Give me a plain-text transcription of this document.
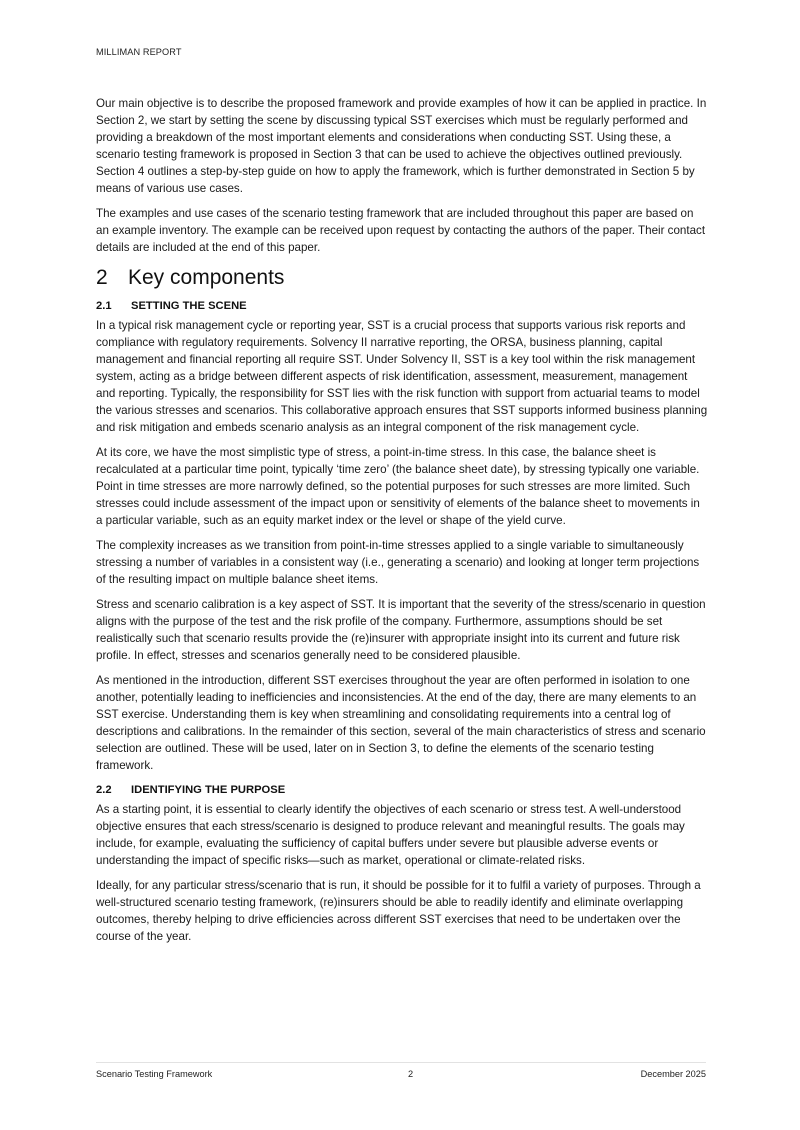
MILLIMAN REPORT

Our main objective is to describe the proposed framework and provide examples of how it can be applied in practice. In Section 2, we start by setting the scene by discussing typical SST exercises which must be regularly performed and providing a breakdown of the most important elements and considerations when conducting SST. Using these, a scenario testing framework is proposed in Section 3 that can be used to achieve the objectives outlined previously. Section 4 outlines a step-by-step guide on how to apply the framework, which is further demonstrated in Section 5 by means of various use cases.

The examples and use cases of the scenario testing framework that are included throughout this paper are based on an example inventory. The example can be received upon request by contacting the authors of the paper. Their contact details are included at the end of this paper.

2 Key components
2.1 SETTING THE SCENE

In a typical risk management cycle or reporting year, SST is a crucial process that supports various risk reports and compliance with regulatory requirements. Solvency II narrative reporting, the ORSA, business planning, capital management and financial reporting all require SST. Under Solvency II, SST is a key tool within the risk management system, acting as a bridge between different aspects of risk identification, assessment, measurement, management and reporting. Typically, the responsibility for SST lies with the risk function with support from actuarial teams to model the various stresses and scenarios. This collaborative approach ensures that SST supports informed business planning and risk mitigation and embeds scenario analysis as an integral component of the risk management cycle.

At its core, we have the most simplistic type of stress, a point-in-time stress. In this case, the balance sheet is recalculated at a particular time point, typically ‘time zero’ (the balance sheet date), by stressing typically one variable. Point in time stresses are more narrowly defined, so the potential purposes for such stresses are more limited. Such stresses could include assessment of the impact upon or sensitivity of elements of the balance sheet to movements in a particular variable, such as an equity market index or the level or shape of the yield curve.

The complexity increases as we transition from point-in-time stresses applied to a single variable to simultaneously stressing a number of variables in a consistent way (i.e., generating a scenario) and looking at longer term projections of the resulting impact on multiple balance sheet items.

Stress and scenario calibration is a key aspect of SST. It is important that the severity of the stress/scenario in question aligns with the purpose of the test and the risk profile of the company. Furthermore, assumptions should be set realistically such that scenario results provide the (re)insurer with appropriate insight into its current and future risk profile. In effect, stresses and scenarios generally need to be considered plausible.

As mentioned in the introduction, different SST exercises throughout the year are often performed in isolation to one another, potentially leading to inefficiencies and inconsistencies. At the end of the day, there are many elements to an SST exercise. Understanding them is key when streamlining and consolidating requirements into a central log of descriptions and calibrations. In the remainder of this section, several of the main characteristics of stress and scenario selection are outlined. These will be used, later on in Section 3, to define the elements of the scenario testing framework.

2.2 IDENTIFYING THE PURPOSE

As a starting point, it is essential to clearly identify the objectives of each scenario or stress test. A well-understood objective ensures that each stress/scenario is designed to produce relevant and meaningful results. The goals may include, for example, evaluating the sufficiency of capital buffers under severe but plausible adverse events or understanding the impact of specific risks—such as market, operational or climate-related risks.

Ideally, for any particular stress/scenario that is run, it should be possible for it to fulfil a variety of purposes. Through a well-structured scenario testing framework, (re)insurers should be able to readily identify and eliminate overlapping outcomes, thereby helping to drive efficiencies across different SST exercises that need to be undertaken over the course of the year.

Scenario Testing Framework	2	December 2025
